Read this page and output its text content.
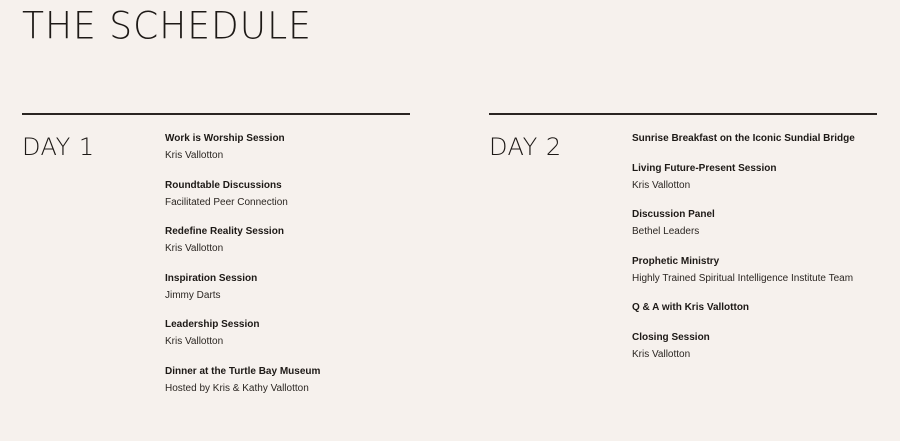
THE SCHEDULE
DAY 1	Work is Worship Session
Kris Vallotton
Roundtable Discussions
Facilitated Peer Connection
Redefine Reality Session
Kris Vallotton
Inspiration Session
Jimmy Darts
Leadership Session
Kris Vallotton
Dinner at the Turtle Bay Museum
Hosted by Kris & Kathy Vallotton
DAY 2	Sunrise Breakfast on the Iconic Sundial Bridge
Living Future-Present Session
Kris Vallotton
Discussion Panel
Bethel Leaders
Prophetic Ministry
Highly Trained Spiritual Intelligence Institute Team
Q & A with Kris Vallotton
Closing Session
Kris Vallotton
